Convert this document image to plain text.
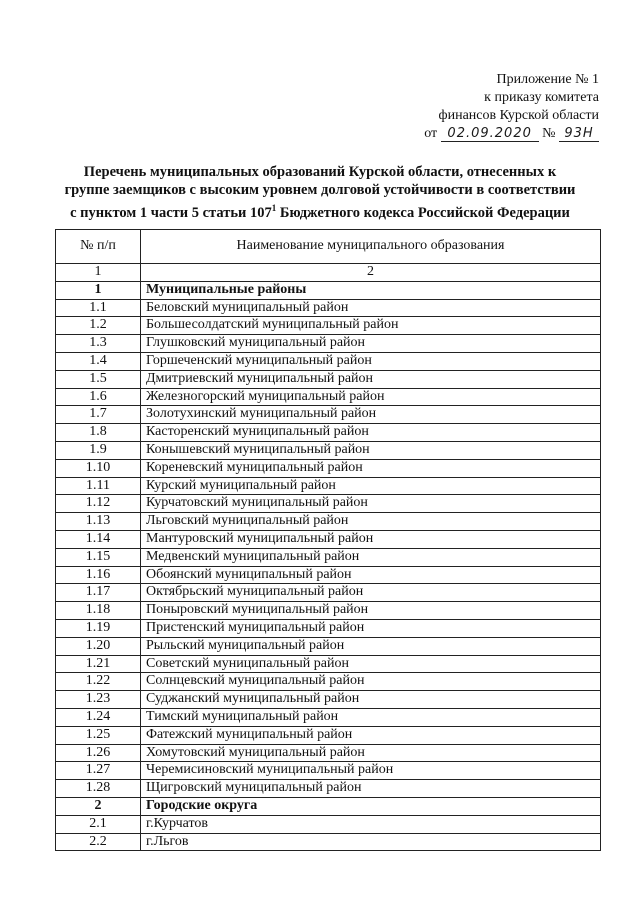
Приложение № 1
к приказу комитета
финансов Курской области
от 02.09.2020 № 93Н
Перечень муниципальных образований Курской области, отнесенных к
группе заемщиков с высоким уровнем долговой устойчивости в соответствии
с пунктом 1 части 5 статьи $107^1$ Бюджетного кодекса Российской Федерации
№ п/п	Наименование муниципального образования
1	2
1	Муниципальные районы
1.1	Беловский муниципальный район
1.2	Большесолдатский муниципальный район
1.3	Глушковский муниципальный район
1.4	Горшеченский муниципальный район
1.5	Дмитриевский муниципальный район
1.6	Железногорский муниципальный район
1.7	Золотухинский муниципальный район
1.8	Касторенский муниципальный район
1.9	Конышевский муниципальный район
1.10	Кореневский муниципальный район
1.11	Курский муниципальный район
1.12	Курчатовский муниципальный район
1.13	Льговский муниципальный район
1.14	Мантуровский муниципальный район
1.15	Медвенский муниципальный район
1.16	Обоянский муниципальный район
1.17	Октябрьский муниципальный район
1.18	Поныровский муниципальный район
1.19	Пристенский муниципальный район
1.20	Рыльский муниципальный район
1.21	Советский муниципальный район
1.22	Солнцевский муниципальный район
1.23	Суджанский муниципальный район
1.24	Тимский муниципальный район
1.25	Фатежский муниципальный район
1.26	Хомутовский муниципальный район
1.27	Черемисиновский муниципальный район
1.28	Щигровский муниципальный район
2	Городские округа
2.1	г.Курчатов
2.2	г.Льгов
